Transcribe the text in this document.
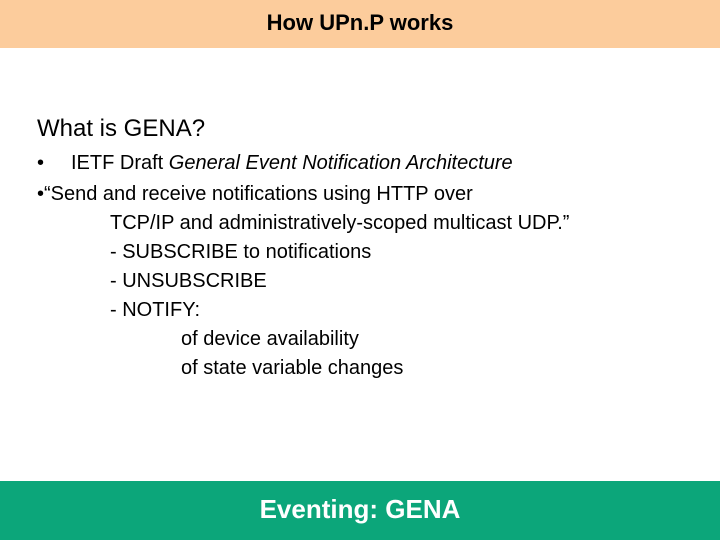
How UPn.P works
What is GENA?
• IETF Draft General Event Notification Architecture
•“Send and receive notifications using HTTP over
TCP/IP and administratively-scoped multicast UDP.”
- SUBSCRIBE to notifications
- UNSUBSCRIBE
- NOTIFY:
of device availability
of state variable changes
Eventing: GENA
